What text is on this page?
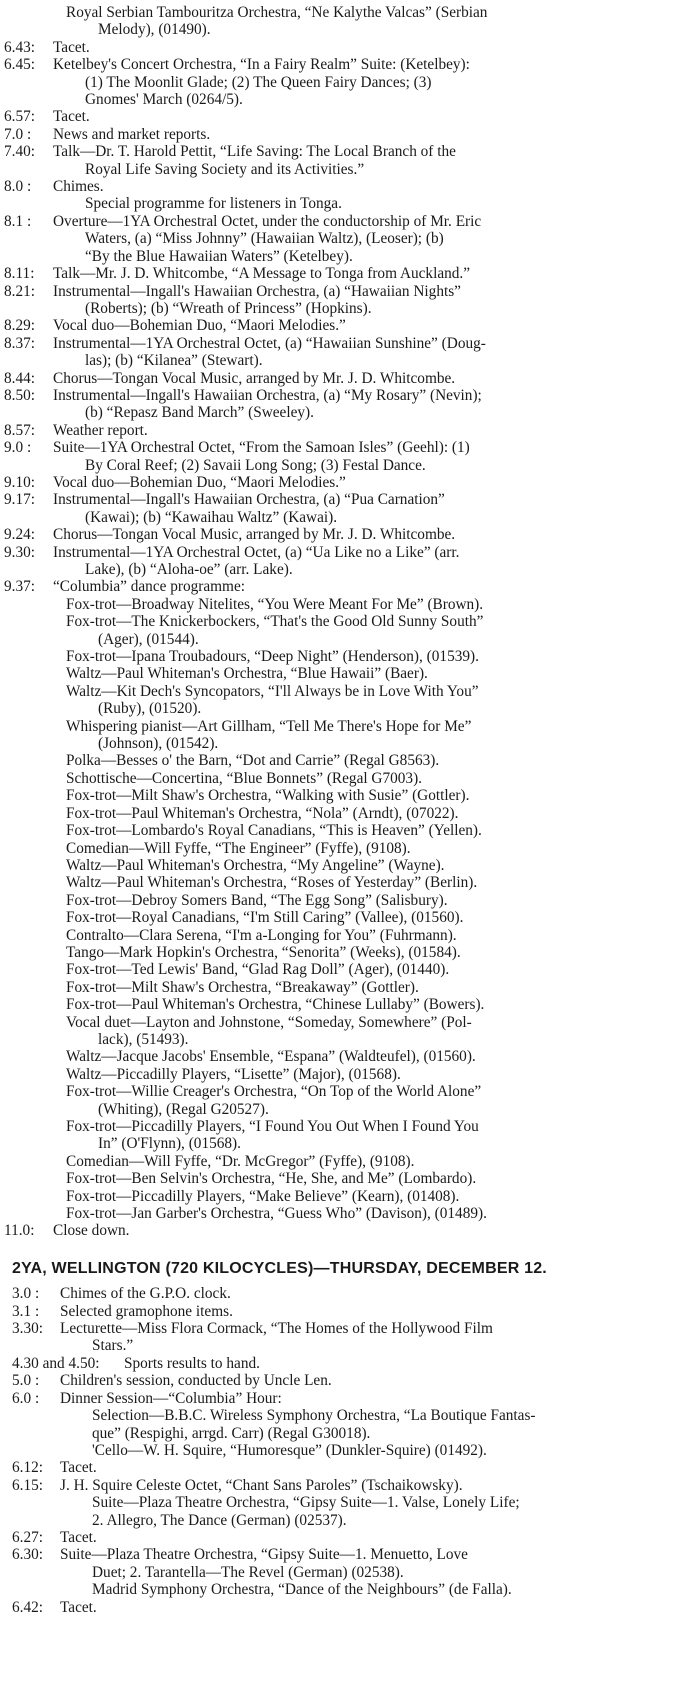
Royal Serbian Tambouritza Orchestra, “Ne Kalythe Valcas” (Serbian
Melody), (01490).
6.43:	Tacet.
6.45:	Ketelbey's Concert Orchestra, “In a Fairy Realm” Suite: (Ketelbey):
(1) The Moonlit Glade; (2) The Queen Fairy Dances; (3)
Gnomes' March (0264/5).
6.57:	Tacet.
7.0 :	News and market reports.
7.40:	Talk—Dr. T. Harold Pettit, “Life Saving: The Local Branch of the
Royal Life Saving Society and its Activities.”
8.0 :	Chimes.
Special programme for listeners in Tonga.
8.1 :	Overture—1YA Orchestral Octet, under the conductorship of Mr. Eric
Waters, (a) “Miss Johnny” (Hawaiian Waltz), (Leoser); (b)
“By the Blue Hawaiian Waters” (Ketelbey).
8.11:	Talk—Mr. J. D. Whitcombe, “A Message to Tonga from Auckland.”
8.21:	Instrumental—Ingall's Hawaiian Orchestra, (a) “Hawaiian Nights”
(Roberts); (b) “Wreath of Princess” (Hopkins).
8.29:	Vocal duo—Bohemian Duo, “Maori Melodies.”
8.37:	Instrumental—1YA Orchestral Octet, (a) “Hawaiian Sunshine” (Doug-
las); (b) “Kilanea” (Stewart).
8.44:	Chorus—Tongan Vocal Music, arranged by Mr. J. D. Whitcombe.
8.50:	Instrumental—Ingall's Hawaiian Orchestra, (a) “My Rosary” (Nevin);
(b) “Repasz Band March” (Sweeley).
8.57:	Weather report.
9.0 :	Suite—1YA Orchestral Octet, “From the Samoan Isles” (Geehl): (1)
By Coral Reef; (2) Savaii Long Song; (3) Festal Dance.
9.10:	Vocal duo—Bohemian Duo, “Maori Melodies.”
9.17:	Instrumental—Ingall's Hawaiian Orchestra, (a) “Pua Carnation”
(Kawai); (b) “Kawaihau Waltz” (Kawai).
9.24:	Chorus—Tongan Vocal Music, arranged by Mr. J. D. Whitcombe.
9.30:	Instrumental—1YA Orchestral Octet, (a) “Ua Like no a Like” (arr.
Lake), (b) “Aloha-oe” (arr. Lake).
9.37:	“Columbia” dance programme:
Fox-trot—Broadway Nitelites, “You Were Meant For Me” (Brown).
Fox-trot—The Knickerbockers, “That's the Good Old Sunny South”
(Ager), (01544).
Fox-trot—Ipana Troubadours, “Deep Night” (Henderson), (01539).
Waltz—Paul Whiteman's Orchestra, “Blue Hawaii” (Baer).
Waltz—Kit Dech's Syncopators, “I'll Always be in Love With You”
(Ruby), (01520).
Whispering pianist—Art Gillham, “Tell Me There's Hope for Me”
(Johnson), (01542).
Polka—Besses o' the Barn, “Dot and Carrie” (Regal G8563).
Schottische—Concertina, “Blue Bonnets” (Regal G7003).
Fox-trot—Milt Shaw's Orchestra, “Walking with Susie” (Gottler).
Fox-trot—Paul Whiteman's Orchestra, “Nola” (Arndt), (07022).
Fox-trot—Lombardo's Royal Canadians, “This is Heaven” (Yellen).
Comedian—Will Fyffe, “The Engineer” (Fyffe), (9108).
Waltz—Paul Whiteman's Orchestra, “My Angeline” (Wayne).
Waltz—Paul Whiteman's Orchestra, “Roses of Yesterday” (Berlin).
Fox-trot—Debroy Somers Band, “The Egg Song” (Salisbury).
Fox-trot—Royal Canadians, “I'm Still Caring” (Vallee), (01560).
Contralto—Clara Serena, “I'm a-Longing for You” (Fuhrmann).
Tango—Mark Hopkin's Orchestra, “Senorita” (Weeks), (01584).
Fox-trot—Ted Lewis' Band, “Glad Rag Doll” (Ager), (01440).
Fox-trot—Milt Shaw's Orchestra, “Breakaway” (Gottler).
Fox-trot—Paul Whiteman's Orchestra, “Chinese Lullaby” (Bowers).
Vocal duet—Layton and Johnstone, “Someday, Somewhere” (Pol-
lack), (51493).
Waltz—Jacque Jacobs' Ensemble, “Espana” (Waldteufel), (01560).
Waltz—Piccadilly Players, “Lisette” (Major), (01568).
Fox-trot—Willie Creager's Orchestra, “On Top of the World Alone”
(Whiting), (Regal G20527).
Fox-trot—Piccadilly Players, “I Found You Out When I Found You
In” (O'Flynn), (01568).
Comedian—Will Fyffe, “Dr. McGregor” (Fyffe), (9108).
Fox-trot—Ben Selvin's Orchestra, “He, She, and Me” (Lombardo).
Fox-trot—Piccadilly Players, “Make Believe” (Kearn), (01408).
Fox-trot—Jan Garber's Orchestra, “Guess Who” (Davison), (01489).
11.0:	Close down.
2YA, WELLINGTON (720 KILOCYCLES)—THURSDAY, DECEMBER 12.
3.0 :	Chimes of the G.P.O. clock.
3.1 :	Selected gramophone items.
3.30:	Lecturette—Miss Flora Cormack, “The Homes of the Hollywood Film
Stars.”
4.30 and 4.50:	Sports results to hand.
5.0 :	Children's session, conducted by Uncle Len.
6.0 :	Dinner Session—“Columbia” Hour:
Selection—B.B.C. Wireless Symphony Orchestra, “La Boutique Fantas-
que” (Respighi, arrgd. Carr) (Regal G30018).
'Cello—W. H. Squire, “Humoresque” (Dunkler-Squire) (01492).
6.12:	Tacet.
6.15:	J. H. Squire Celeste Octet, “Chant Sans Paroles” (Tschaikowsky).
Suite—Plaza Theatre Orchestra, “Gipsy Suite—1. Valse, Lonely Life;
2. Allegro, The Dance (German) (02537).
6.27:	Tacet.
6.30:	Suite—Plaza Theatre Orchestra, “Gipsy Suite—1. Menuetto, Love
Duet; 2. Tarantella—The Revel (German) (02538).
Madrid Symphony Orchestra, “Dance of the Neighbours” (de Falla).
6.42:	Tacet.
